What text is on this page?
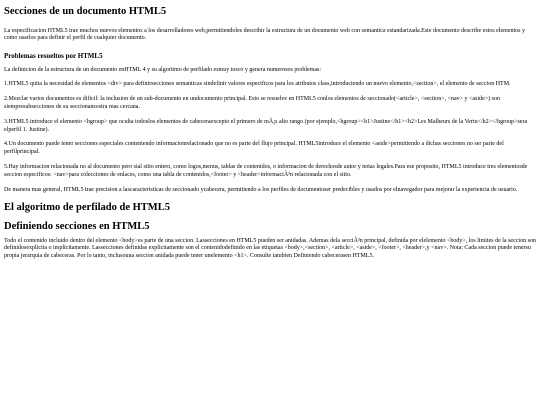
Secciones de un documento HTML5

La especificacion HTML5 trae muchos nuevos elementos a los desarrolladores web,permitiendoles describir la estructura de un documento web con semantica estandarizada.Este documento describe estos elementos y como usarlos para definir el perfil de cualquier documento.

Problemas resueltos por HTML5

La definicion de la estructura de un documento enHTML 4 y su algoritmo de perfilado esmuy tosco y genera numerosos problemas:

1.HTML5 quita la necesidad de elementos <div> para definirsecciones semanticas sindefinir valores especificos para los atributos class,introduciendo un nuevo elemento,<section>, el elemento de seccion HTM.

2.Mezclar varios documentos es dificil: la inclusion de un sub-documento en undocumento principal. Esto se resuelve en HTML5 conlos elementos de seccionado(<article>, <section>, <nav> y <aside>) son siempresubsecciones de su seccionancestra mas cercana.

3.HTML5 introduce el elemento <hgroup> que oculta todoslos elementos de cabeceraexcepto el primero de mÃ¡s alto rango (por ejemplo,<hgroup><h1>Justine</h1><h2>Les Malheurs de la Vertu</h2></hgroup>sera elperfil 1. Justine).

4.Un documento puede tener secciones especiales conteniendo informacionrelacionado que no es parte del flujo principal. HTML5introduce el elemento <aside>permitiendo a dichas secciones no ser parte del perfilprincipal.

5.Hay informacion relacionada no al documento pero sial sitio entero, como logos,menus, tablas de contenidos, o informacion de derechosde autor y notas legales.Para ese proposito, HTML5 introduce tres elementosde seccion especificos: <nav>para colecciones de enlaces, como una tabla de contenidos,<footer> y <header>informaciÃ³n relacionada con el sitio.

De manera mas general, HTML5 trae precision a lascaracteristicas de seccionado ycabecera, permitiendo a los perfiles de documentoser predecibles y usados por elnavegador para mejorar la experiencia de usuario.

El algoritmo de perfilado de HTML5
Definiendo secciones en HTML5

Todo el contenido incluido dentro del elemento <body>es parte de una seccion. Lassecciones en HTML5 pueden ser anidadas. Ademas dela secciÃ³n principal, definida por elelemento <body>, los limites de la seccion son definidosexplicita o implicitamente. Lassecciones definidas explicitamente son el contenidodefinido en las etiquetas <body>,<section>, <article>, <aside>, <footer>, <header>,y <nav>. Nota: Cada seccion puede tenersu propia jerarquia de cabeceras. Por lo tanto, inclusouna seccion anidada puede tener unelemento <h1>. Consulte tambien Definiendo cabecerasen HTML5.
